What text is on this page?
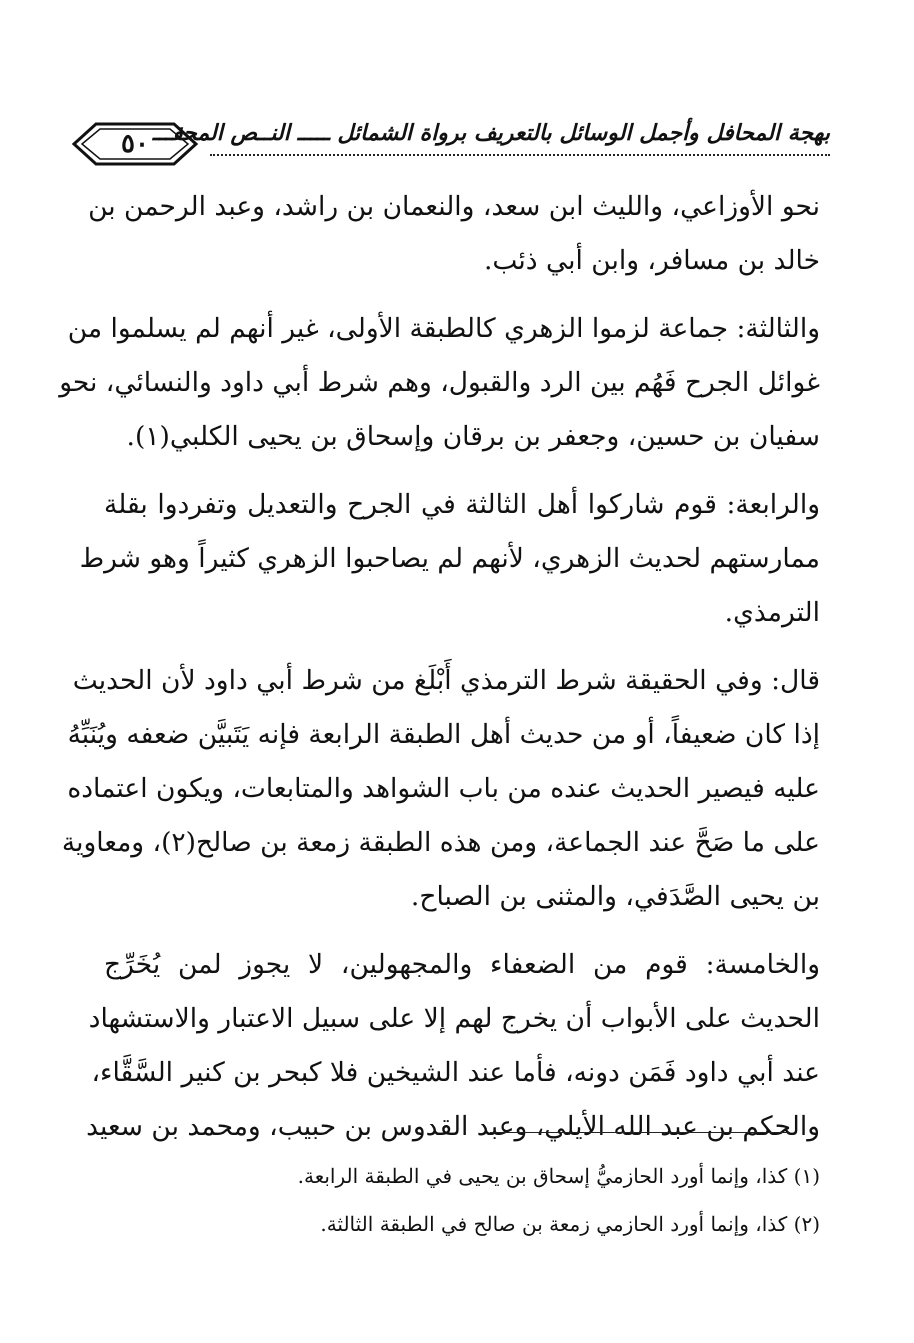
٥٠ بهجة المحافل وأجمل الوسائل بالتعريف برواة الشمائل ـــــ النــص المحقـــ

نحو الأوزاعي، والليث ابن سعد، والنعمان بن راشد، وعبد الرحمن بن
خالد بن مسافر، وابن أبي ذئب.

والثالثة: جماعة لزموا الزهري كالطبقة الأولى، غير أنهم لم يسلموا من
غوائل الجرح فَهُم بين الرد والقبول، وهم شرط أبي داود والنسائي، نحو
سفيان بن حسين، وجعفر بن برقان وإسحاق بن يحيى الكلبي(١).

والرابعة: قوم شاركوا أهل الثالثة في الجرح والتعديل وتفردوا بقلة
ممارستهم لحديث الزهري، لأنهم لم يصاحبوا الزهري كثيراً وهو شرط
الترمذي.

قال: وفي الحقيقة شرط الترمذي أَبْلَغ من شرط أبي داود لأن الحديث
إذا كان ضعيفاً، أو من حديث أهل الطبقة الرابعة فإنه يَتَبيَّن ضعفه ويُنَبِّهُ
عليه فيصير الحديث عنده من باب الشواهد والمتابعات، ويكون اعتماده
على ما صَحَّ عند الجماعة، ومن هذه الطبقة زمعة بن صالح(٢)، ومعاوية
بن يحيى الصَّدَفي، والمثنى بن الصباح.

والخامسة: قوم من الضعفاء والمجهولين، لا يجوز لمن يُخَرِّج
الحديث على الأبواب أن يخرج لهم إلا على سبيل الاعتبار والاستشهاد
عند أبي داود فَمَن دونه، فأما عند الشيخين فلا كبحر بن كنير السَّقَّاء،
والحكم بن عبد الله الأيلي، وعبد القدوس بن حبيب، ومحمد بن سعيد

(١) كذا، وإنما أورد الحازميُّ إسحاق بن يحيى في الطبقة الرابعة.
(٢) كذا، وإنما أورد الحازمي زمعة بن صالح في الطبقة الثالثة.
